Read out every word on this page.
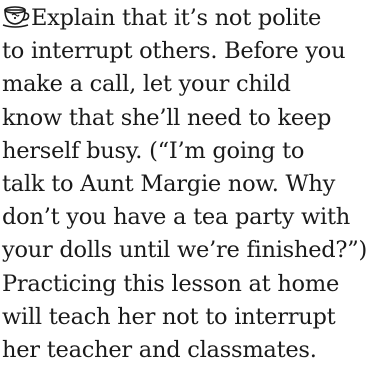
Explain that it’s not polite
to interrupt others. Before you
make a call, let your child
know that she’ll need to keep
herself busy. (“I’m going to
talk to Aunt Margie now. Why
don’t you have a tea party with
your dolls until we’re finished?”)
Practicing this lesson at home
will teach her not to interrupt
her teacher and classmates.
